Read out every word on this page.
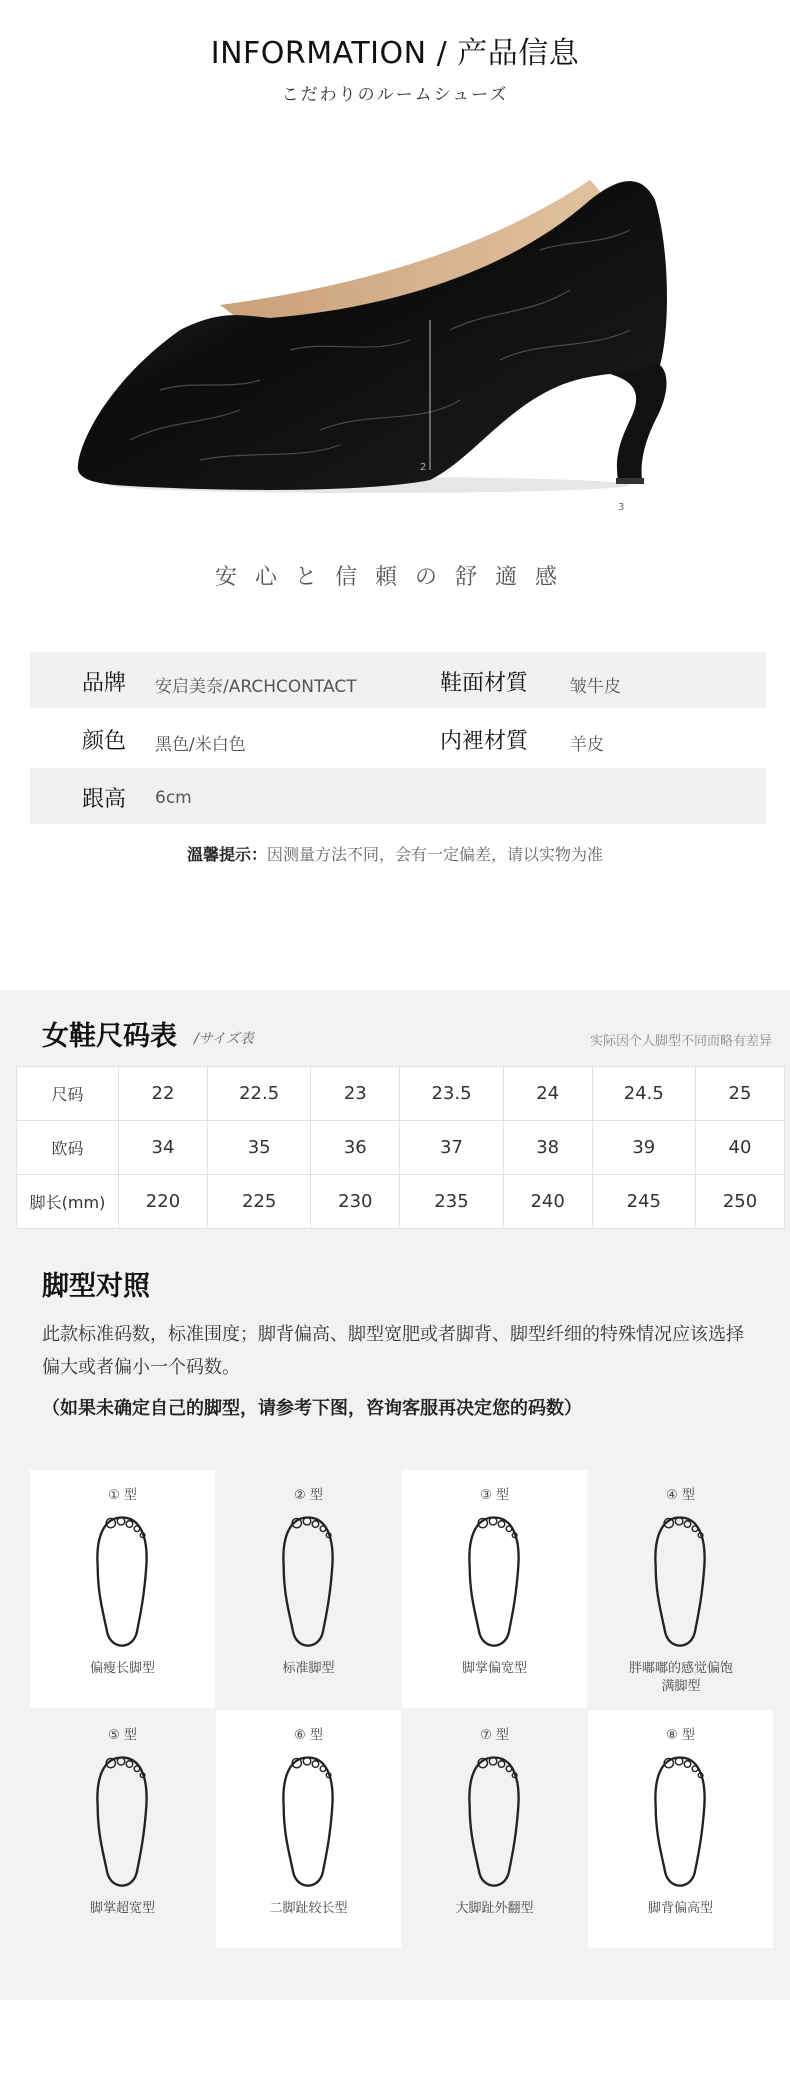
INFORMATION / 产品信息
こだわりのルームシューズ
2
3
安心と信頼の舒適感
品牌 安启美奈/ARCHCONTACT	鞋面材質 皱牛皮
颜色 黑色/米白色	内裡材質 羊皮
跟高 6cm
溫馨提示：因测量方法不同，会有一定偏差，请以实物为准
女鞋尺码表 /サイズ表	实际因个人脚型不同而略有差异
尺码	22	22.5	23	23.5	24	24.5	25
欧码	34	35	36	37	38	39	40
脚长(mm)	220	225	230	235	240	245	250
脚型对照
此款标准码数，标准围度；脚背偏高、脚型宽肥或者脚背、脚型纤细的特殊情况应该选择偏大或者偏小一个码数。
（如果未确定自己的脚型，请参考下图，咨询客服再决定您的码数）
① 型
偏瘦长脚型
② 型
标准脚型
③ 型
脚掌偏宽型
④ 型
胖嘟嘟的感觉偏饱满脚型
⑤ 型
脚掌超宽型
⑥ 型
二脚趾较长型
⑦ 型
大脚趾外翻型
⑧ 型
脚背偏高型
